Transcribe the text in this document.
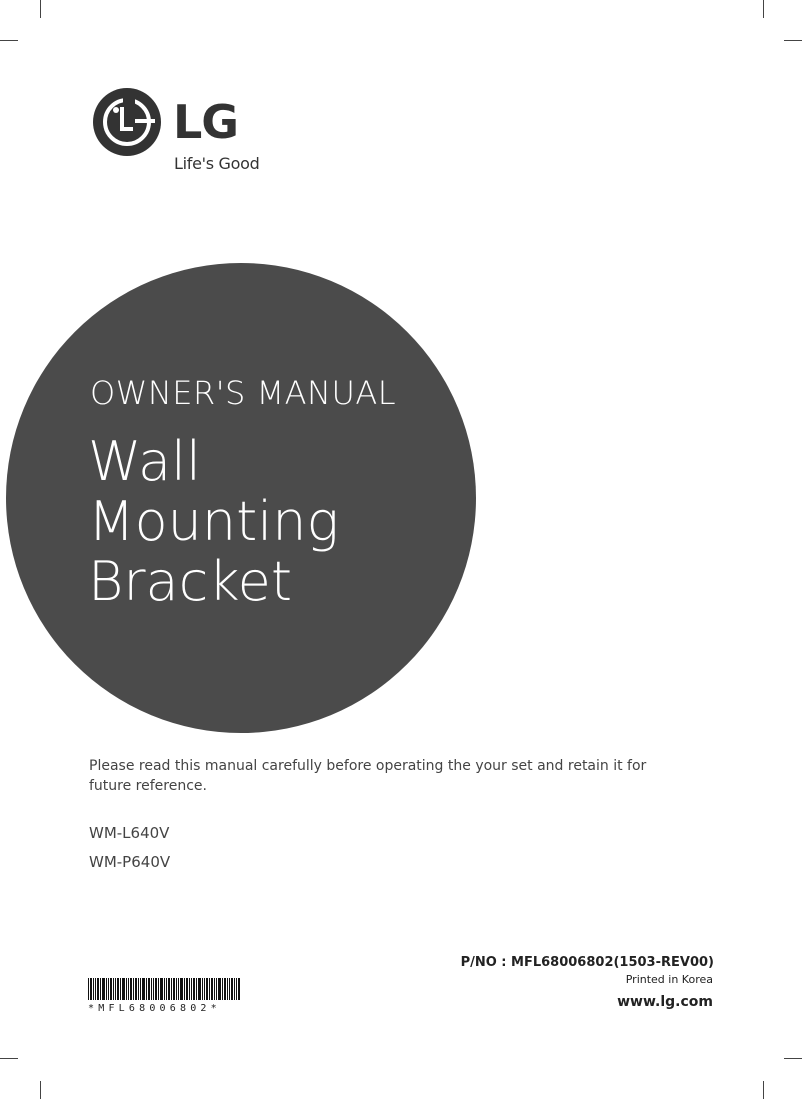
LG
Life's Good
OWNER'S MANUAL
Wall
Mounting
Bracket
Please read this manual carefully before operating the your set and retain it for future reference.
WM-L640V
WM-P640V
P/NO : MFL68006802(1503-REV00)
Printed in Korea
www.lg.com
*MFL68006802*
